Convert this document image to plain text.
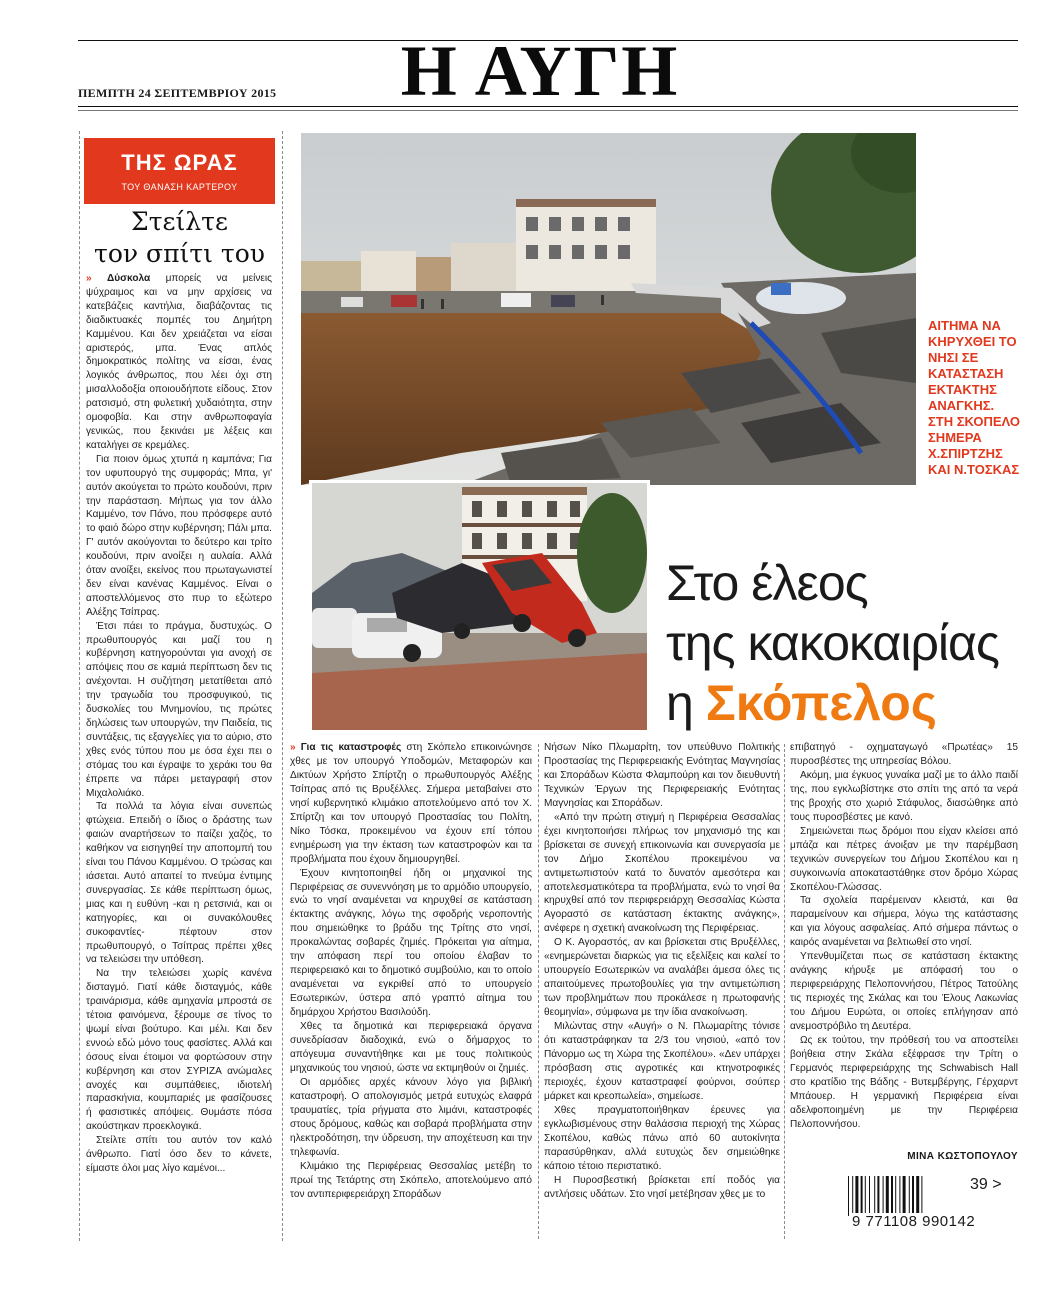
ΠΕΜΠΤΗ 24 ΣΕΠΤΕΜΒΡΙΟΥ 2015 Η ΑΥΓΗ
ΤΗΣ ΩΡΑΣ
ΤΟΥ ΘΑΝΑΣΗ ΚΑΡΤΕΡΟΥ
Στείλτε
τον σπίτι του

» Δύσκολα μπορείς να μείνεις ψύχραιμος και να μην αρχίσεις να κατεβάζεις καντήλια, διαβάζοντας τις διαδικτυακές πομπές του Δημήτρη Καμμένου. Και δεν χρειάζεται να είσαι αριστερός, μπα. Ένας απλός δημοκρατικός πολίτης να είσαι, ένας λογικός άνθρωπος, που λέει όχι στη μισαλλοδοξία οποιουδήποτε είδους. Στον ρατσισμό, στη φυλετική χυδαιότητα, στην ομοφοβία. Και στην ανθρωποφαγία γενικώς, που ξεκινάει με λέξεις και καταλήγει σε κρεμάλες.

Για ποιον όμως χτυπά η καμπάνα; Για τον υφυπουργό της συμφοράς; Μπα, γι' αυτόν ακούγεται το πρώτο κουδούνι, πριν την παράσταση. Μήπως για τον άλλο Καμμένο, τον Πάνο, που πρόσφερε αυτό το φαιό δώρο στην κυβέρνηση; Πάλι μπα. Γ' αυτόν ακούγονται το δεύτερο και τρίτο κουδούνι, πριν ανοίξει η αυλαία. Αλλά όταν ανοίξει, εκείνος που πρωταγωνιστεί δεν είναι κανένας Καμμένος. Είναι ο αποστελλόμενος στο πυρ το εξώτερο Αλέξης Τσίπρας.

Έτσι πάει το πράγμα, δυστυχώς. Ο πρωθυπουργός και μαζί του η κυβέρνηση κατηγορούνται για ανοχή σε απόψεις που σε καμιά περίπτωση δεν τις ανέχονται. Η συζήτηση μετατίθεται από την τραγωδία του προσφυγικού, τις δυσκολίες του Μνημονίου, τις πρώτες δηλώσεις των υπουργών, την Παιδεία, τις συντάξεις, τις εξαγγελίες για το αύριο, στο χθες ενός τύπου που με όσα έχει πει ο στόμας του και έγραψε το χεράκι του θα έπρεπε να πάρει μεταγραφή στον Μιχαλολιάκο.

Τα πολλά τα λόγια είναι συνεπώς φτώχεια. Επειδή ο ίδιος ο δράστης των φαιών αναρτήσεων το παίζει χαζός, το καθήκον να εισηγηθεί την αποπομπή του είναι του Πάνου Καμμένου. Ο τρώσας και ιάσεται. Αυτό απαιτεί το πνεύμα έντιμης συνεργασίας. Σε κάθε περίπτωση όμως, μιας και η ευθύνη -και η ρετσινιά, και οι κατηγορίες, και οι συνακόλουθες συκοφαντίες- πέφτουν στον πρωθυπουργό, ο Τσίπρας πρέπει χθες να τελειώσει την υπόθεση.

Να την τελειώσει χωρίς κανένα δισταγμό. Γιατί κάθε δισταγμός, κάθε τραινάρισμα, κάθε αμηχανία μπροστά σε τέτοια φαινόμενα, ξέρουμε σε τίνος το ψωμί είναι βούτυρο. Και μέλι. Και δεν εννοώ εδώ μόνο τους φασίστες. Αλλά και όσους είναι έτοιμοι να φορτώσουν στην κυβέρνηση και στον ΣΥΡΙΖΑ ανώμαλες ανοχές και συμπάθειες, ιδιοτελή παρασκήνια, κουμπαριές με φασίζουσες ή φασιστικές απόψεις. Θυμάστε πόσα ακούστηκαν προεκλογικά.

Στείλτε σπίτι του αυτόν τον καλό άνθρωπο. Γιατί όσο δεν το κάνετε, είμαστε όλοι μας λίγο καμένοι...

ΑΙΤΗΜΑ ΝΑ

ΚΗΡΥΧΘΕΙ ΤΟ

ΝΗΣΙ ΣΕ

ΚΑΤΑΣΤΑΣΗ

ΕΚΤΑΚΤΗΣ

ΑΝΑΓΚΗΣ.

ΣΤΗ ΣΚΟΠΕΛΟ

ΣΗΜΕΡΑ

Χ.ΣΠΙΡΤΖΗΣ

ΚΑΙ Ν.ΤΟΣΚΑΣ

Στο έλεος
της κακοκαιρίας
η Σκόπελος

» Για τις καταστροφές στη Σκόπελο επικοινώνησε χθες με τον υπουργό Υποδομών, Μεταφορών και Δικτύων Χρήστο Σπίρτζη ο πρωθυπουργός Αλέξης Τσίπρας από τις Βρυξέλλες. Σήμερα μεταβαίνει στο νησί κυβερνητικό κλιμάκιο αποτελούμενο από τον Χ. Σπίρτζη και τον υπουργό Προστασίας του Πολίτη, Νίκο Τόσκα, προκειμένου να έχουν επί τόπου ενημέρωση για την έκταση των καταστροφών και τα προβλήματα που έχουν δημιουργηθεί.

Έχουν κινητοποιηθεί ήδη οι μηχανικοί της Περιφέρειας σε συνεννόηση με το αρμόδιο υπουργείο, ενώ το νησί αναμένεται να κηρυχθεί σε κατάσταση έκτακτης ανάγκης, λόγω της σφοδρής νεροποντής που σημειώθηκε το βράδυ της Τρίτης στο νησί, προκαλώντας σοβαρές ζημιές. Πρόκειται για αίτημα, την απόφαση περί του οποίου έλαβαν το περιφερειακό και το δημοτικό συμβούλιο, και το οποίο αναμένεται να εγκριθεί από το υπουργείο Εσωτερικών, ύστερα από γραπτό αίτημα του δημάρχου Χρήστου Βασιλούδη.

Χθες τα δημοτικά και περιφερειακά όργανα συνεδρίασαν διαδοχικά, ενώ ο δήμαρχος το απόγευμα συναντήθηκε και με τους πολιτικούς μηχανικούς του νησιού, ώστε να εκτιμηθούν οι ζημιές.

Οι αρμόδιες αρχές κάνουν λόγο για βιβλική καταστροφή. Ο απολογισμός μετρά ευτυχώς ελαφρά τραυματίες, τρία ρήγματα στο λιμάνι, καταστροφές στους δρόμους, καθώς και σοβαρά προβλήματα στην ηλεκτροδότηση, την ύδρευση, την αποχέτευση και την τηλεφωνία.

Κλιμάκιο της Περιφέρειας Θεσσαλίας μετέβη το πρωί της Τετάρτης στη Σκόπελο, αποτελούμενο από τον αντιπεριφερειάρχη Σποράδων

Νήσων Νίκο Πλωμαρίτη, τον υπεύθυνο Πολιτικής Προστασίας της Περιφερειακής Ενότητας Μαγνησίας και Σποράδων Κώστα Φλαμπούρη και τον διευθυντή Τεχνικών Έργων της Περιφερειακής Ενότητας Μαγνησίας και Σποράδων.

«Από την πρώτη στιγμή η Περιφέρεια Θεσσαλίας έχει κινητοποιήσει πλήρως τον μηχανισμό της και βρίσκεται σε συνεχή επικοινωνία και συνεργασία με τον Δήμο Σκοπέλου προκειμένου να αντιμετωπιστούν κατά το δυνατόν αμεσότερα και αποτελεσματικότερα τα προβλήματα, ενώ το νησί θα κηρυχθεί από τον περιφερειάρχη Θεσσαλίας Κώστα Αγοραστό σε κατάσταση έκτακτης ανάγκης», ανέφερε η σχετική ανακοίνωση της Περιφέρειας.

Ο Κ. Αγοραστός, αν και βρίσκεται στις Βρυξέλλες, «ενημερώνεται διαρκώς για τις εξελίξεις και καλεί το υπουργείο Εσωτερικών να αναλάβει άμεσα όλες τις απαιτούμενες πρωτοβουλίες για την αντιμετώπιση των προβλημάτων που προκάλεσε η πρωτοφανής θεομηνία», σύμφωνα με την ίδια ανακοίνωση.

Μιλώντας στην «Αυγή» ο Ν. Πλωμαρίτης τόνισε ότι καταστράφηκαν τα 2/3 του νησιού, «από τον Πάνορμο ως τη Χώρα της Σκοπέλου». «Δεν υπάρχει πρόσβαση στις αγροτικές και κτηνοτροφικές περιοχές, έχουν καταστραφεί φούρνοι, σούπερ μάρκετ και κρεοπωλεία», σημείωσε.

Χθες πραγματοποιήθηκαν έρευνες για εγκλωβισμένους στην θαλάσσια περιοχή της Χώρας Σκοπέλου, καθώς πάνω από 60 αυτοκίνητα παρασύρθηκαν, αλλά ευτυχώς δεν σημειώθηκε κάποιο τέτοιο περιστατικό.

Η Πυροσβεστική βρίσκεται επί ποδός για αντλήσεις υδάτων. Στο νησί μετέβησαν χθες με το

επιβατηγό - οχηματαγωγό «Πρωτέας» 15 πυροσβέστες της υπηρεσίας Βόλου.

Ακόμη, μια έγκυος γυναίκα μαζί με το άλλο παιδί της, που εγκλωβίστηκε στο σπίτι της από τα νερά της βροχής στο χωριό Στάφυλος, διασώθηκε από τους πυροσβέστες με κανό.

Σημειώνεται πως δρόμοι που είχαν κλείσει από μπάζα και πέτρες άνοιξαν με την παρέμβαση τεχνικών συνεργείων του Δήμου Σκοπέλου και η συγκοινωνία αποκαταστάθηκε στον δρόμο Χώρας Σκοπέλου-Γλώσσας.

Τα σχολεία παρέμειναν κλειστά, και θα παραμείνουν και σήμερα, λόγω της κατάστασης και για λόγους ασφαλείας. Από σήμερα πάντως ο καιρός αναμένεται να βελτιωθεί στο νησί.

Υπενθυμίζεται πως σε κατάσταση έκτακτης ανάγκης κήρυξε με απόφασή του ο περιφερειάρχης Πελοποννήσου, Πέτρος Τατούλης τις περιοχές της Σκάλας και του Έλους Λακωνίας του Δήμου Ευρώτα, οι οποίες επλήγησαν από ανεμοστρόβιλο τη Δευτέρα.

Ως εκ τούτου, την πρόθεσή του να αποστείλει βοήθεια στην Σκάλα εξέφρασε την Τρίτη ο Γερμανός περιφερειάρχης της Schwabisch Hall στο κρατίδιο της Βάδης - Βυτεμβέργης, Γέρχαρντ Μπάουερ. Η γερμανική Περιφέρεια είναι αδελφοποιημένη με την Περιφέρεια Πελοποννήσου.

ΜΙΝΑ ΚΩΣΤΟΠΟΥΛΟΥ
39 >
9 771108 990142
